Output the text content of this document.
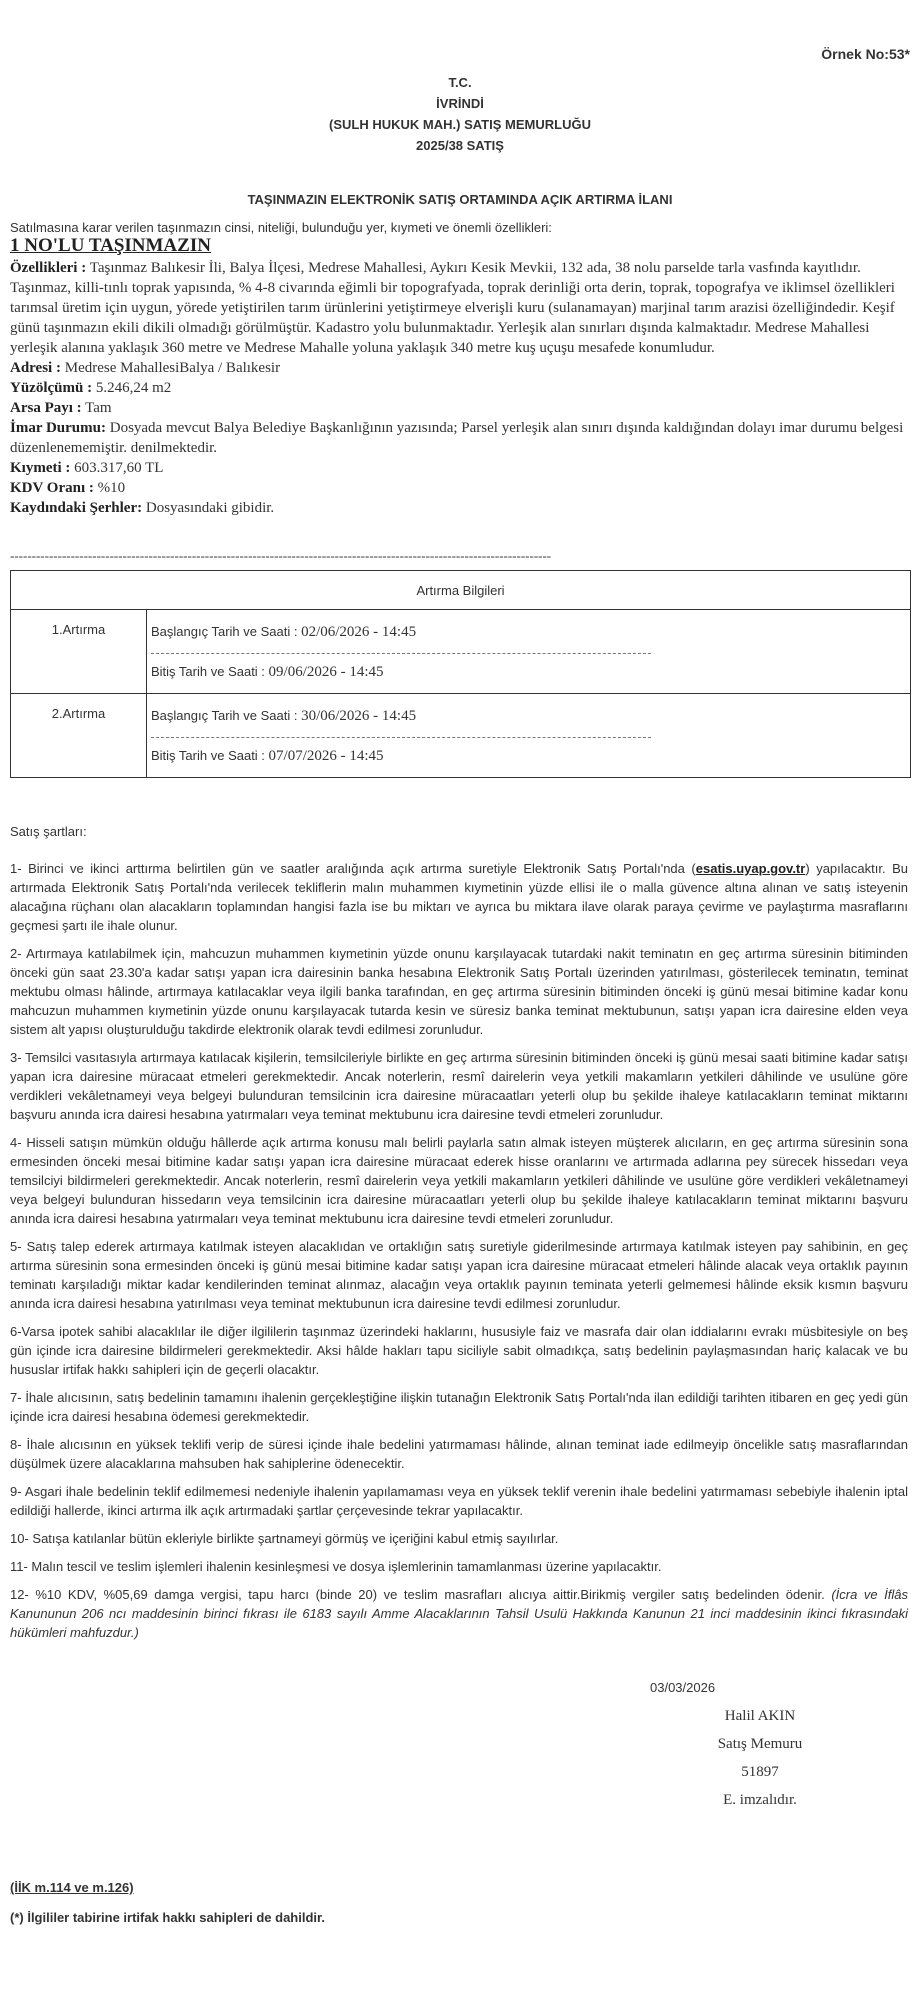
Örnek No:53*
T.C.
İVRİNDİ
(SULH HUKUK MAH.) SATIŞ MEMURLUĞU
2025/38 SATIŞ
TAŞINMAZIN ELEKTRONİK SATIŞ ORTAMINDA AÇIK ARTIRMA İLANI
Satılmasına karar verilen taşınmazın cinsi, niteliği, bulunduğu yer, kıymeti ve önemli özellikleri:
1 NO'LU TAŞINMAZIN

Özellikleri : Taşınmaz Balıkesir İli, Balya İlçesi, Medrese Mahallesi, Aykırı Kesik Mevkii, 132 ada, 38 nolu parselde tarla vasfında kayıtlıdır. Taşınmaz, killi-tınlı toprak yapısında, % 4-8 civarında eğimli bir topografyada, toprak derinliği orta derin, toprak, topografya ve iklimsel özellikleri tarımsal üretim için uygun, yörede yetiştirilen tarım ürünlerini yetiştirmeye elverişli kuru (sulanamayan) marjinal tarım arazisi özelliğindedir. Keşif günü taşınmazın ekili dikili olmadığı görülmüştür. Kadastro yolu bulunmaktadır. Yerleşik alan sınırları dışında kalmaktadır. Medrese Mahallesi yerleşik alanına yaklaşık 360 metre ve Medrese Mahalle yoluna yaklaşık 340 metre kuş uçuşu mesafede konumludur.

Adresi : Medrese MahallesiBalya / Balıkesir

Yüzölçümü : 5.246,24 m2

Arsa Payı : Tam

İmar Durumu: Dosyada mevcut Balya Belediye Başkanlığının yazısında; Parsel yerleşik alan sınırı dışında kaldığından dolayı imar durumu belgesi düzenlenememiştir. denilmektedir.

Kıymeti : 603.317,60 TL

KDV Oranı : %10

Kaydındaki Şerhler: Dosyasındaki gibidir.

-----------------------------------------------------------------------------------------------------------------------------
Artırma Bilgileri	
1.Artırma	Başlangıç Tarih ve Saati : 02/06/2026 - 14:45
Bitiş Tarih ve Saati : 09/06/2026 - 14:45

2.Artırma	Başlangıç Tarih ve Saati : 30/06/2026 - 14:45
Bitiş Tarih ve Saati : 07/07/2026 - 14:45

Satış şartları:

1- Birinci ve ikinci arttırma belirtilen gün ve saatler aralığında açık artırma suretiyle Elektronik Satış Portalı'nda (esatis.uyap.gov.tr) yapılacaktır. Bu artırmada Elektronik Satış Portalı'nda verilecek tekliflerin malın muhammen kıymetinin yüzde ellisi ile o malla güvence altına alınan ve satış isteyenin alacağına rüçhanı olan alacakların toplamından hangisi fazla ise bu miktarı ve ayrıca bu miktara ilave olarak paraya çevirme ve paylaştırma masraflarını geçmesi şartı ile ihale olunur.

2- Artırmaya katılabilmek için, mahcuzun muhammen kıymetinin yüzde onunu karşılayacak tutardaki nakit teminatın en geç artırma süresinin bitiminden önceki gün saat 23.30'a kadar satışı yapan icra dairesinin banka hesabına Elektronik Satış Portalı üzerinden yatırılması, gösterilecek teminatın, teminat mektubu olması hâlinde, artırmaya katılacaklar veya ilgili banka tarafından, en geç artırma süresinin bitiminden önceki iş günü mesai bitimine kadar konu mahcuzun muhammen kıymetinin yüzde onunu karşılayacak tutarda kesin ve süresiz banka teminat mektubunun, satışı yapan icra dairesine elden veya sistem alt yapısı oluşturulduğu takdirde elektronik olarak tevdi edilmesi zorunludur.

3- Temsilci vasıtasıyla artırmaya katılacak kişilerin, temsilcileriyle birlikte en geç artırma süresinin bitiminden önceki iş günü mesai saati bitimine kadar satışı yapan icra dairesine müracaat etmeleri gerekmektedir. Ancak noterlerin, resmî dairelerin veya yetkili makamların yetkileri dâhilinde ve usulüne göre verdikleri vekâletnameyi veya belgeyi bulunduran temsilcinin icra dairesine müracaatları yeterli olup bu şekilde ihaleye katılacakların teminat miktarını başvuru anında icra dairesi hesabına yatırmaları veya teminat mektubunu icra dairesine tevdi etmeleri zorunludur.

4- Hisseli satışın mümkün olduğu hâllerde açık artırma konusu malı belirli paylarla satın almak isteyen müşterek alıcıların, en geç artırma süresinin sona ermesinden önceki mesai bitimine kadar satışı yapan icra dairesine müracaat ederek hisse oranlarını ve artırmada adlarına pey sürecek hissedarı veya temsilciyi bildirmeleri gerekmektedir. Ancak noterlerin, resmî dairelerin veya yetkili makamların yetkileri dâhilinde ve usulüne göre verdikleri vekâletnameyi veya belgeyi bulunduran hissedarın veya temsilcinin icra dairesine müracaatları yeterli olup bu şekilde ihaleye katılacakların teminat miktarını başvuru anında icra dairesi hesabına yatırmaları veya teminat mektubunu icra dairesine tevdi etmeleri zorunludur.

5- Satış talep ederek artırmaya katılmak isteyen alacaklıdan ve ortaklığın satış suretiyle giderilmesinde artırmaya katılmak isteyen pay sahibinin, en geç artırma süresinin sona ermesinden önceki iş günü mesai bitimine kadar satışı yapan icra dairesine müracaat etmeleri hâlinde alacak veya ortaklık payının teminatı karşıladığı miktar kadar kendilerinden teminat alınmaz, alacağın veya ortaklık payının teminata yeterli gelmemesi hâlinde eksik kısmın başvuru anında icra dairesi hesabına yatırılması veya teminat mektubunun icra dairesine tevdi edilmesi zorunludur.

6-Varsa ipotek sahibi alacaklılar ile diğer ilgililerin taşınmaz üzerindeki haklarını, hususiyle faiz ve masrafa dair olan iddialarını evrakı müsbitesiyle on beş gün içinde icra dairesine bildirmeleri gerekmektedir. Aksi hâlde hakları tapu siciliyle sabit olmadıkça, satış bedelinin paylaşmasından hariç kalacak ve bu hususlar irtifak hakkı sahipleri için de geçerli olacaktır.

7- İhale alıcısının, satış bedelinin tamamını ihalenin gerçekleştiğine ilişkin tutanağın Elektronik Satış Portalı'nda ilan edildiği tarihten itibaren en geç yedi gün içinde icra dairesi hesabına ödemesi gerekmektedir.

8- İhale alıcısının en yüksek teklifi verip de süresi içinde ihale bedelini yatırmaması hâlinde, alınan teminat iade edilmeyip öncelikle satış masraflarından düşülmek üzere alacaklarına mahsuben hak sahiplerine ödenecektir.

9- Asgari ihale bedelinin teklif edilmemesi nedeniyle ihalenin yapılamaması veya en yüksek teklif verenin ihale bedelini yatırmaması sebebiyle ihalenin iptal edildiği hallerde, ikinci artırma ilk açık artırmadaki şartlar çerçevesinde tekrar yapılacaktır.

10- Satışa katılanlar bütün ekleriyle birlikte şartnameyi görmüş ve içeriğini kabul etmiş sayılırlar.

11- Malın tescil ve teslim işlemleri ihalenin kesinleşmesi ve dosya işlemlerinin tamamlanması üzerine yapılacaktır.

12- %10 KDV, %05,69 damga vergisi, tapu harcı (binde 20) ve teslim masrafları alıcıya aittir.Birikmiş vergiler satış bedelinden ödenir. (İcra ve İflâs Kanununun 206 ncı maddesinin birinci fıkrası ile 6183 sayılı Amme Alacaklarının Tahsil Usulü Hakkında Kanunun 21 inci maddesinin ikinci fıkrasındaki hükümleri mahfuzdur.)

03/03/2026
Halil AKIN
Satış Memuru
51897
E. imzalıdır.
(İİK m.114 ve m.126)
(*) İlgililer tabirine irtifak hakkı sahipleri de dahildir.
